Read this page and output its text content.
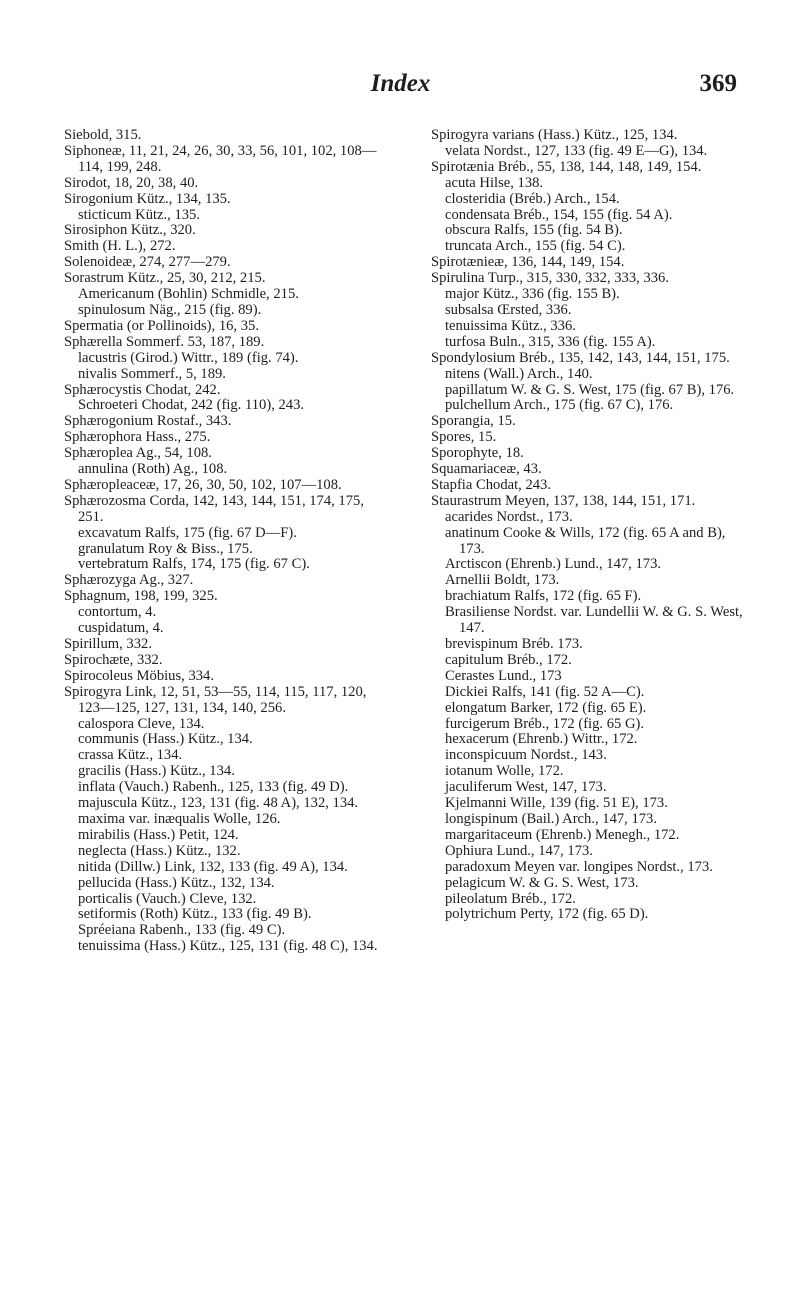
Index	369

Siebold, 315.

Siphoneæ, 11, 21, 24, 26, 30, 33, 56, 101, 102, 108—114, 199, 248.

Sirodot, 18, 20, 38, 40.

Sirogonium Kütz., 134, 135.

sticticum Kütz., 135.

Sirosiphon Kütz., 320.

Smith (H. L.), 272.

Solenoideæ, 274, 277—279.

Sorastrum Kütz., 25, 30, 212, 215.

Americanum (Bohlin) Schmidle, 215.

spinulosum Näg., 215 (fig. 89).

Spermatia (or Pollinoids), 16, 35.

Sphærella Sommerf. 53, 187, 189.

lacustris (Girod.) Wittr., 189 (fig. 74).

nivalis Sommerf., 5, 189.

Sphærocystis Chodat, 242.

Schroeteri Chodat, 242 (fig. 110), 243.

Sphærogonium Rostaf., 343.

Sphærophora Hass., 275.

Sphæroplea Ag., 54, 108.

annulina (Roth) Ag., 108.

Sphæropleaceæ, 17, 26, 30, 50, 102, 107—108.

Sphærozosma Corda, 142, 143, 144, 151, 174, 175, 251.

excavatum Ralfs, 175 (fig. 67 D—F).

granulatum Roy & Biss., 175.

vertebratum Ralfs, 174, 175 (fig. 67 C).

Sphærozyga Ag., 327.

Sphagnum, 198, 199, 325.

contortum, 4.

cuspidatum, 4.

Spirillum, 332.

Spirochæte, 332.

Spirocoleus Möbius, 334.

Spirogyra Link, 12, 51, 53—55, 114, 115, 117, 120, 123—125, 127, 131, 134, 140, 256.

calospora Cleve, 134.

communis (Hass.) Kütz., 134.

crassa Kütz., 134.

gracilis (Hass.) Kütz., 134.

inflata (Vauch.) Rabenh., 125, 133 (fig. 49 D).

majuscula Kütz., 123, 131 (fig. 48 A), 132, 134.

maxima var. inæqualis Wolle, 126.

mirabilis (Hass.) Petit, 124.

neglecta (Hass.) Kütz., 132.

nitida (Dillw.) Link, 132, 133 (fig. 49 A), 134.

pellucida (Hass.) Kütz., 132, 134.

porticalis (Vauch.) Cleve, 132.

setiformis (Roth) Kütz., 133 (fig. 49 B).

Spréeiana Rabenh., 133 (fig. 49 C).

tenuissima (Hass.) Kütz., 125, 131 (fig. 48 C), 134.

Spirogyra varians (Hass.) Kütz., 125, 134.

velata Nordst., 127, 133 (fig. 49 E—G), 134.

Spirotænia Bréb., 55, 138, 144, 148, 149, 154.

acuta Hilse, 138.

closteridia (Bréb.) Arch., 154.

condensata Bréb., 154, 155 (fig. 54 A).

obscura Ralfs, 155 (fig. 54 B).

truncata Arch., 155 (fig. 54 C).

Spirotænieæ, 136, 144, 149, 154.

Spirulina Turp., 315, 330, 332, 333, 336.

major Kütz., 336 (fig. 155 B).

subsalsa Œrsted, 336.

tenuissima Kütz., 336.

turfosa Buln., 315, 336 (fig. 155 A).

Spondylosium Bréb., 135, 142, 143, 144, 151, 175.

nitens (Wall.) Arch., 140.

papillatum W. & G. S. West, 175 (fig. 67 B), 176.

pulchellum Arch., 175 (fig. 67 C), 176.

Sporangia, 15.

Spores, 15.

Sporophyte, 18.

Squamariaceæ, 43.

Stapfia Chodat, 243.

Staurastrum Meyen, 137, 138, 144, 151, 171.

acarides Nordst., 173.

anatinum Cooke & Wills, 172 (fig. 65 A and B), 173.

Arctiscon (Ehrenb.) Lund., 147, 173.

Arnellii Boldt, 173.

brachiatum Ralfs, 172 (fig. 65 F).

Brasiliense Nordst. var. Lundellii W. & G. S. West, 147.

brevispinum Bréb. 173.

capitulum Bréb., 172.

Cerastes Lund., 173

Dickiei Ralfs, 141 (fig. 52 A—C).

elongatum Barker, 172 (fig. 65 E).

furcigerum Bréb., 172 (fig. 65 G).

hexacerum (Ehrenb.) Wittr., 172.

inconspicuum Nordst., 143.

iotanum Wolle, 172.

jaculiferum West, 147, 173.

Kjelmanni Wille, 139 (fig. 51 E), 173.

longispinum (Bail.) Arch., 147, 173.

margaritaceum (Ehrenb.) Menegh., 172.

Ophiura Lund., 147, 173.

paradoxum Meyen var. longipes Nordst., 173.

pelagicum W. & G. S. West, 173.

pileolatum Bréb., 172.

polytrichum Perty, 172 (fig. 65 D).
